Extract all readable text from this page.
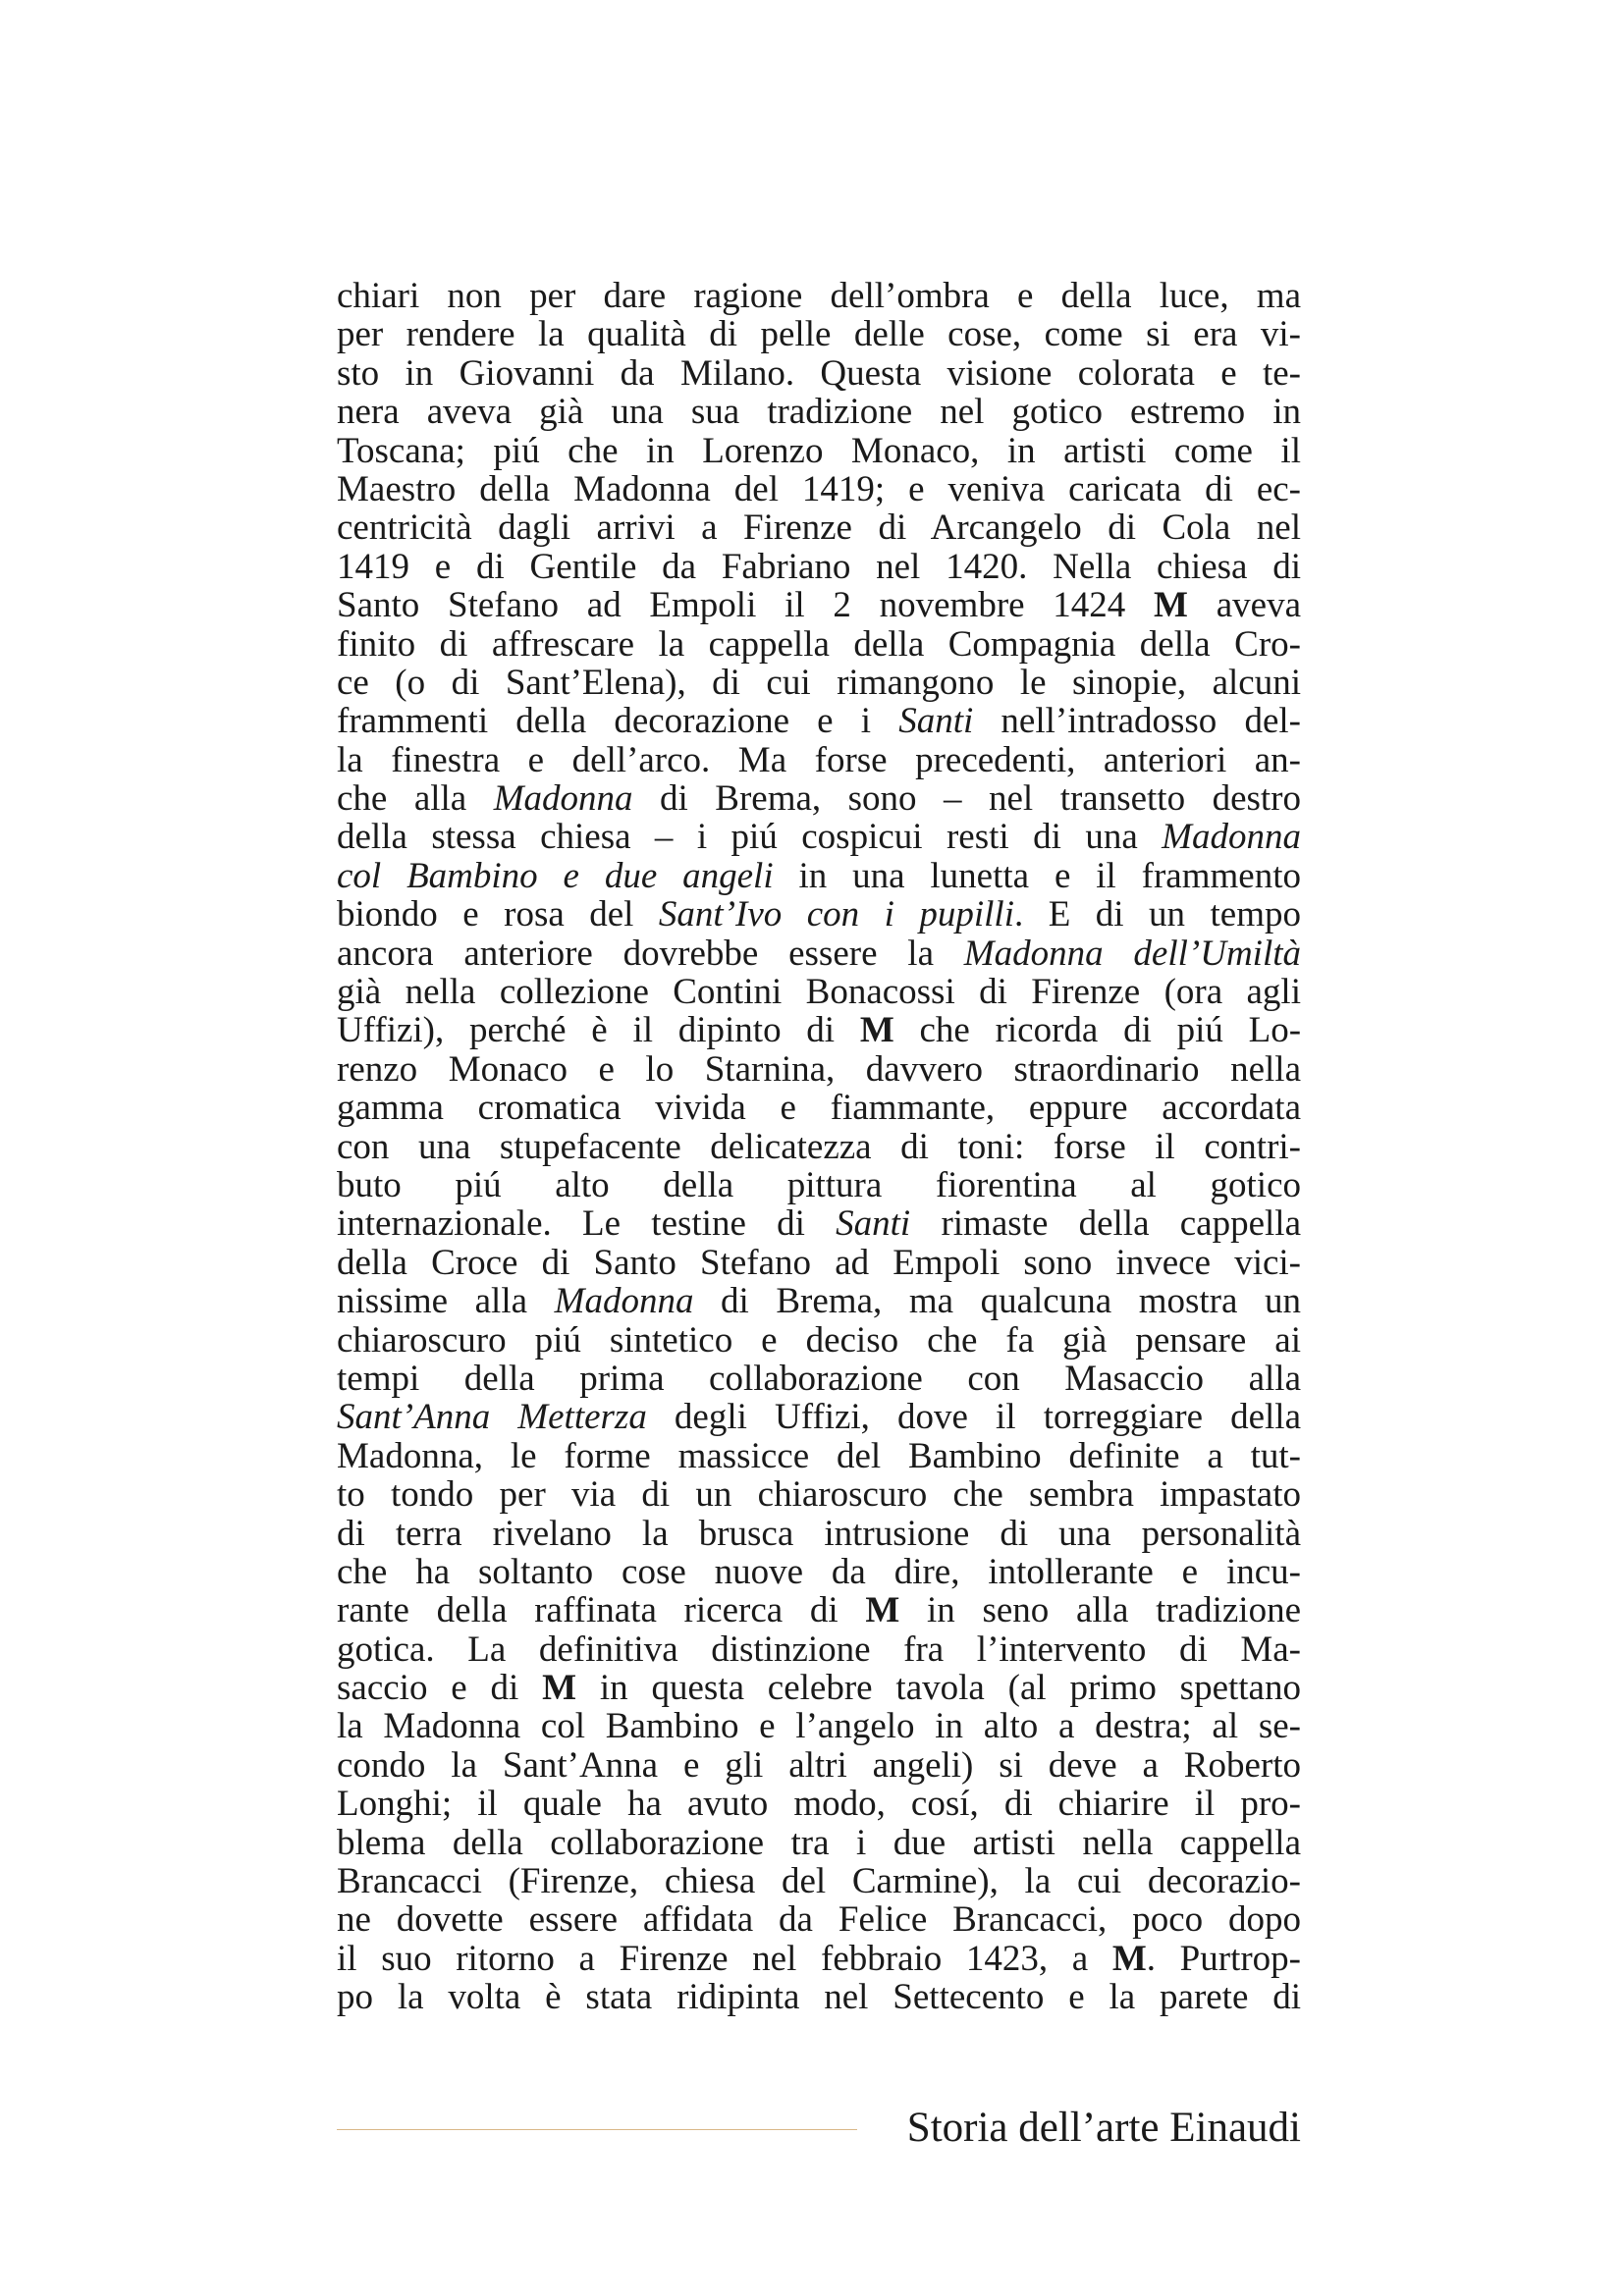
chiari non per dare ragione dell’ombra e della luce, ma
per rendere la qualità di pelle delle cose, come si era vi-
sto in Giovanni da Milano. Questa visione colorata e te-
nera aveva già una sua tradizione nel gotico estremo in
Toscana; piú che in Lorenzo Monaco, in artisti come il
Maestro della Madonna del 1419; e veniva caricata di ec-
centricità dagli arrivi a Firenze di Arcangelo di Cola nel
1419 e di Gentile da Fabriano nel 1420. Nella chiesa di
Santo Stefano ad Empoli il 2 novembre 1424 M aveva
finito di affrescare la cappella della Compagnia della Cro-
ce (o di Sant’Elena), di cui rimangono le sinopie, alcuni
frammenti della decorazione e i Santi nell’intradosso del-
la finestra e dell’arco. Ma forse precedenti, anteriori an-
che alla Madonna di Brema, sono – nel transetto destro
della stessa chiesa – i piú cospicui resti di una Madonna
col Bambino e due angeli in una lunetta e il frammento
biondo e rosa del Sant’Ivo con i pupilli. E di un tempo
ancora anteriore dovrebbe essere la Madonna dell’Umiltà
già nella collezione Contini Bonacossi di Firenze (ora agli
Uffizi), perché è il dipinto di M che ricorda di piú Lo-
renzo Monaco e lo Starnina, davvero straordinario nella
gamma cromatica vivida e fiammante, eppure accordata
con una stupefacente delicatezza di toni: forse il contri-
buto piú alto della pittura fiorentina al gotico
internazionale. Le testine di Santi rimaste della cappella
della Croce di Santo Stefano ad Empoli sono invece vici-
nissime alla Madonna di Brema, ma qualcuna mostra un
chiaroscuro piú sintetico e deciso che fa già pensare ai
tempi della prima collaborazione con Masaccio alla
Sant’Anna Metterza degli Uffizi, dove il torreggiare della
Madonna, le forme massicce del Bambino definite a tut-
to tondo per via di un chiaroscuro che sembra impastato
di terra rivelano la brusca intrusione di una personalità
che ha soltanto cose nuove da dire, intollerante e incu-
rante della raffinata ricerca di M in seno alla tradizione
gotica. La definitiva distinzione fra l’intervento di Ma-
saccio e di M in questa celebre tavola (al primo spettano
la Madonna col Bambino e l’angelo in alto a destra; al se-
condo la Sant’Anna e gli altri angeli) si deve a Roberto
Longhi; il quale ha avuto modo, cosí, di chiarire il pro-
blema della collaborazione tra i due artisti nella cappella
Brancacci (Firenze, chiesa del Carmine), la cui decorazio-
ne dovette essere affidata da Felice Brancacci, poco dopo
il suo ritorno a Firenze nel febbraio 1423, a M. Purtrop-
po la volta è stata ridipinta nel Settecento e la parete di
Storia dell’arte Einaudi
